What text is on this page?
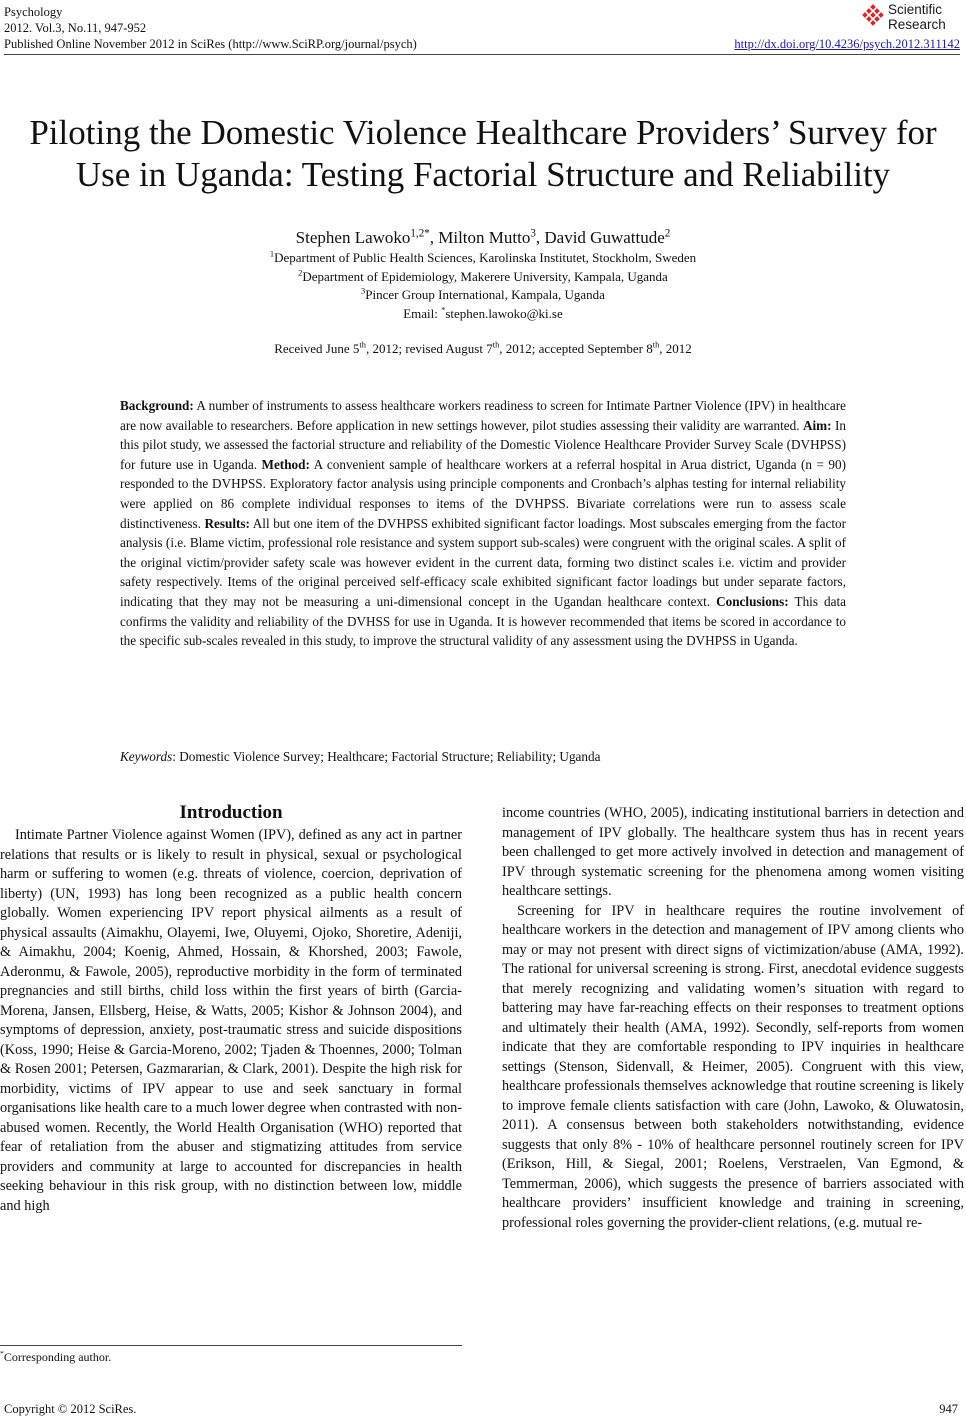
Psychology
2012. Vol.3, No.11, 947-952
Published Online November 2012 in SciRes (http://www.SciRP.org/journal/psych)	http://dx.doi.org/10.4236/psych.2012.311142
Scientific
Research
Piloting the Domestic Violence Healthcare Providers’ Survey for
Use in Uganda: Testing Factorial Structure and Reliability
Stephen Lawoko$^{1,2*}$, Milton Mutto$^3$, David Guwattude$^2$
$^1$Department of Public Health Sciences, Karolinska Institutet, Stockholm, Sweden
$^2$Department of Epidemiology, Makerere University, Kampala, Uganda
$^3$Pincer Group International, Kampala, Uganda
Email: *stephen.lawoko@ki.se
Received June 5th, 2012; revised August 7th, 2012; accepted September 8th, 2012
Background: A number of instruments to assess healthcare workers readiness to screen for Intimate Partner Violence (IPV) in healthcare are now available to researchers. Before application in new settings however, pilot studies assessing their validity are warranted. Aim: In this pilot study, we assessed the factorial structure and reliability of the Domestic Violence Healthcare Provider Survey Scale (DVHPSS) for future use in Uganda. Method: A convenient sample of healthcare workers at a referral hospital in Arua district, Uganda (n = 90) responded to the DVHPSS. Exploratory factor analysis using principle components and Cronbach’s alphas testing for internal reliability were applied on 86 complete individual responses to items of the DVHPSS. Bivariate correlations were run to assess scale distinctiveness. Results: All but one item of the DVHPSS exhibited significant factor loadings. Most subscales emerging from the factor analysis (i.e. Blame victim, professional role resistance and system support sub-scales) were congruent with the original scales. A split of the original victim/provider safety scale was however evident in the current data, forming two distinct scales i.e. victim and provider safety respectively. Items of the original perceived self-efficacy scale exhibited significant factor loadings but under separate factors, indicating that they may not be measuring a uni-dimensional concept in the Ugandan healthcare context. Conclusions: This data confirms the validity and reliability of the DVHSS for use in Uganda. It is however recommended that items be scored in accordance to the specific sub-scales revealed in this study, to improve the structural validity of any assessment using the DVHPSS in Uganda.
Keywords: Domestic Violence Survey; Healthcare; Factorial Structure; Reliability; Uganda
Introduction

Intimate Partner Violence against Women (IPV), defined as any act in partner relations that results or is likely to result in physical, sexual or psychological harm or suffering to women (e.g. threats of violence, coercion, deprivation of liberty) (UN, 1993) has long been recognized as a public health concern globally. Women experiencing IPV report physical ailments as a result of physical assaults (Aimakhu, Olayemi, Iwe, Oluyemi, Ojoko, Shoretire, Adeniji, & Aimakhu, 2004; Koenig, Ahmed, Hossain, & Khorshed, 2003; Fawole, Aderonmu, & Fawole, 2005), reproductive morbidity in the form of terminated pregnancies and still births, child loss within the first years of birth (Garcia-Morena, Jansen, Ellsberg, Heise, & Watts, 2005; Kishor & Johnson 2004), and symptoms of depression, anxiety, post-traumatic stress and suicide dispositions (Koss, 1990; Heise & Garcia-Moreno, 2002; Tjaden & Thoennes, 2000; Tolman & Rosen 2001; Petersen, Gazmararian, & Clark, 2001). Despite the high risk for morbidity, victims of IPV appear to use and seek sanctuary in formal organisations like health care to a much lower degree when contrasted with non-abused women. Recently, the World Health Organisation (WHO) reported that fear of retaliation from the abuser and stigmatizing attitudes from service providers and community at large to accounted for discrepancies in health seeking behaviour in this risk group, with no distinction between low, middle and high

income countries (WHO, 2005), indicating institutional barriers in detection and management of IPV globally. The healthcare system thus has in recent years been challenged to get more actively involved in detection and management of IPV through systematic screening for the phenomena among women visiting healthcare settings.

Screening for IPV in healthcare requires the routine involvement of healthcare workers in the detection and management of IPV among clients who may or may not present with direct signs of victimization/abuse (AMA, 1992). The rational for universal screening is strong. First, anecdotal evidence suggests that merely recognizing and validating women’s situation with regard to battering may have far-reaching effects on their responses to treatment options and ultimately their health (AMA, 1992). Secondly, self-reports from women indicate that they are comfortable responding to IPV inquiries in healthcare settings (Stenson, Sidenvall, & Heimer, 2005). Congruent with this view, healthcare professionals themselves acknowledge that routine screening is likely to improve female clients satisfaction with care (John, Lawoko, & Oluwatosin, 2011). A consensus between both stakeholders notwithstanding, evidence suggests that only 8% - 10% of healthcare personnel routinely screen for IPV (Erikson, Hill, & Siegal, 2001; Roelens, Verstraelen, Van Egmond, & Temmerman, 2006), which suggests the presence of barriers associated with healthcare providers’ insufficient knowledge and training in screening, professional roles governing the provider-client relations, (e.g. mutual re-

*Corresponding author.
Copyright © 2012 SciRes.	947
